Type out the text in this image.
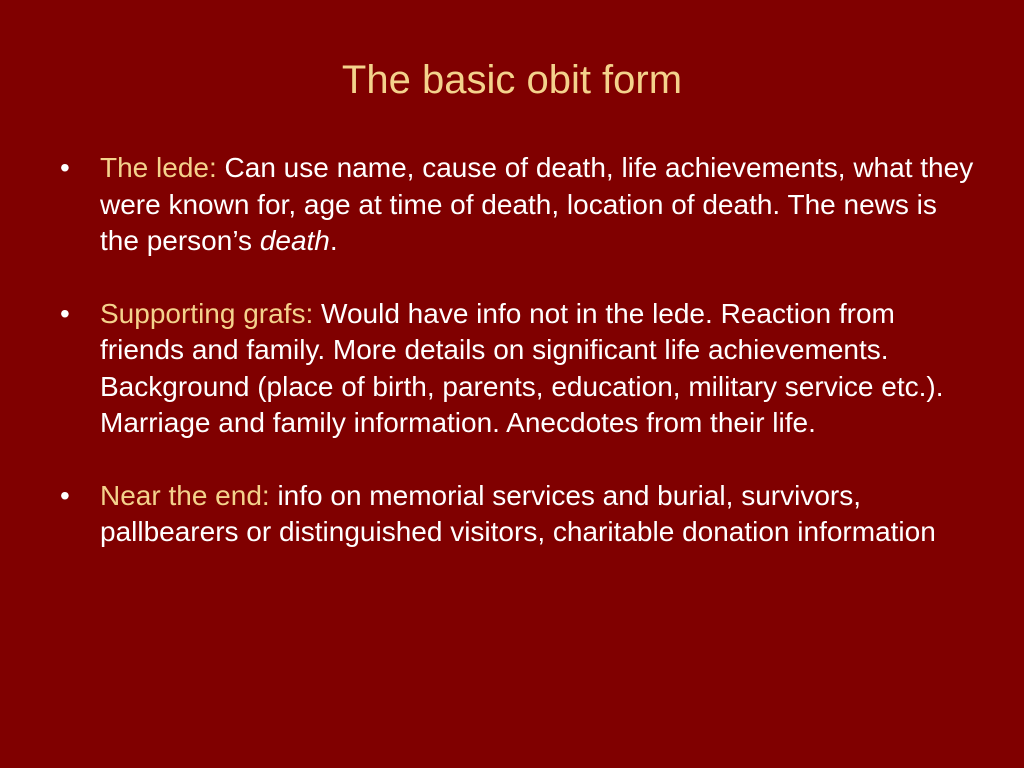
The basic obit form
•	The lede: Can use name, cause of death, life achievements, what they were known for, age at time of death, location of death. The news is the person’s death.
•	Supporting grafs: Would have info not in the lede. Reaction from friends and family. More details on significant life achievements. Background (place of birth, parents, education, military service etc.). Marriage and family information. Anecdotes from their life.
•	Near the end: info on memorial services and burial, survivors, pallbearers or distinguished visitors, charitable donation information
